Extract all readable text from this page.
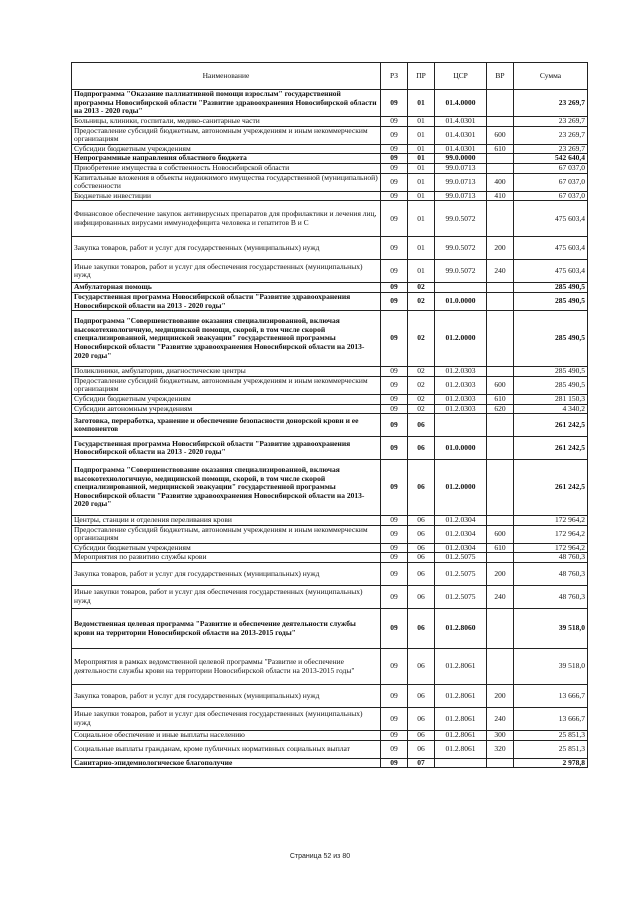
Наименование	РЗ	ПР	ЦСР	ВР	Сумма
Подпрограмма "Оказание паллиативной помощи взрослым" государственной программы Новосибирской области "Развитие здравоохранения Новосибирской области на 2013 - 2020 годы"	09	01	01.4.0000		23 269,7
Больницы, клиники, госпитали, медико-санитарные части	09	01	01.4.0301		23 269,7
Предоставление субсидий бюджетным, автономным учреждениям и иным некоммерческим организациям	09	01	01.4.0301	600	23 269,7
Субсидии бюджетным учреждениям	09	01	01.4.0301	610	23 269,7
Непрограммные направления областного бюджета	09	01	99.0.0000		542 640,4
Приобретение имущества в собственность Новосибирской области	09	01	99.0.0713		67 037,0
Капитальные вложения в объекты недвижимого имущества государственной (муниципальной) собственности	09	01	99.0.0713	400	67 037,0
Бюджетные инвестиции	09	01	99.0.0713	410	67 037,0
Финансовое обеспечение закупок антивирусных препаратов для профилактики и лечения лиц, инфицированных вирусами иммунодефицита человека и гепатитов B и C	09	01	99.0.5072		475 603,4
Закупка товаров, работ и услуг для государственных (муниципальных) нужд	09	01	99.0.5072	200	475 603,4
Иные закупки товаров, работ и услуг для обеспечения государственных (муниципальных) нужд	09	01	99.0.5072	240	475 603,4
Амбулаторная помощь	09	02			285 490,5
Государственная программа Новосибирской области "Развитие здравоохранения Новосибирской области на 2013 - 2020 годы"	09	02	01.0.0000		285 490,5
Подпрограмма "Совершенствование оказания специализированной, включая высокотехнологичную, медицинской помощи, скорой, в том числе скорой специализированной, медицинской эвакуации" государственной программы Новосибирской области "Развитие здравоохранения Новосибирской области на 2013-2020 годы"	09	02	01.2.0000		285 490,5
Поликлиники, амбулатории, диагностические центры	09	02	01.2.0303		285 490,5
Предоставление субсидий бюджетным, автономным учреждениям и иным некоммерческим организациям	09	02	01.2.0303	600	285 490,5
Субсидии бюджетным учреждениям	09	02	01.2.0303	610	281 150,3
Субсидии автономным учреждениям	09	02	01.2.0303	620	4 340,2
Заготовка, переработка, хранение и обеспечение безопасности донорской крови и ее компонентов	09	06			261 242,5
Государственная программа Новосибирской области "Развитие здравоохранения Новосибирской области на 2013 - 2020 годы"	09	06	01.0.0000		261 242,5
Подпрограмма "Совершенствование оказания специализированной, включая высокотехнологичную, медицинской помощи, скорой, в том числе скорой специализированной, медицинской эвакуации" государственной программы Новосибирской области "Развитие здравоохранения Новосибирской области на 2013-2020 годы"	09	06	01.2.0000		261 242,5
Центры, станции и отделения переливания крови	09	06	01.2.0304		172 964,2
Предоставление субсидий бюджетным, автономным учреждениям и иным некоммерческим организациям	09	06	01.2.0304	600	172 964,2
Субсидии бюджетным учреждениям	09	06	01.2.0304	610	172 964,2
Мероприятия по развитию службы крови	09	06	01.2.5075		48 760,3
Закупка товаров, работ и услуг для государственных (муниципальных) нужд	09	06	01.2.5075	200	48 760,3
Иные закупки товаров, работ и услуг для обеспечения государственных (муниципальных) нужд	09	06	01.2.5075	240	48 760,3
Ведомственная целевая программа "Развитие и обеспечение деятельности службы крови на территории Новосибирской области на 2013-2015 годы"	09	06	01.2.8060		39 518,0
Мероприятия в рамках ведомственной целевой программы "Развитие и обеспечение деятельности службы крови на территории Новосибирской области на 2013-2015 годы"	09	06	01.2.8061		39 518,0
Закупка товаров, работ и услуг для государственных (муниципальных) нужд	09	06	01.2.8061	200	13 666,7
Иные закупки товаров, работ и услуг для обеспечения государственных (муниципальных) нужд	09	06	01.2.8061	240	13 666,7
Социальное обеспечение и иные выплаты населению	09	06	01.2.8061	300	25 851,3
Социальные выплаты гражданам, кроме публичных нормативных социальных выплат	09	06	01.2.8061	320	25 851,3
Санитарно-эпидемиологическое благополучие	09	07			2 978,8
Страница 52 из 80
